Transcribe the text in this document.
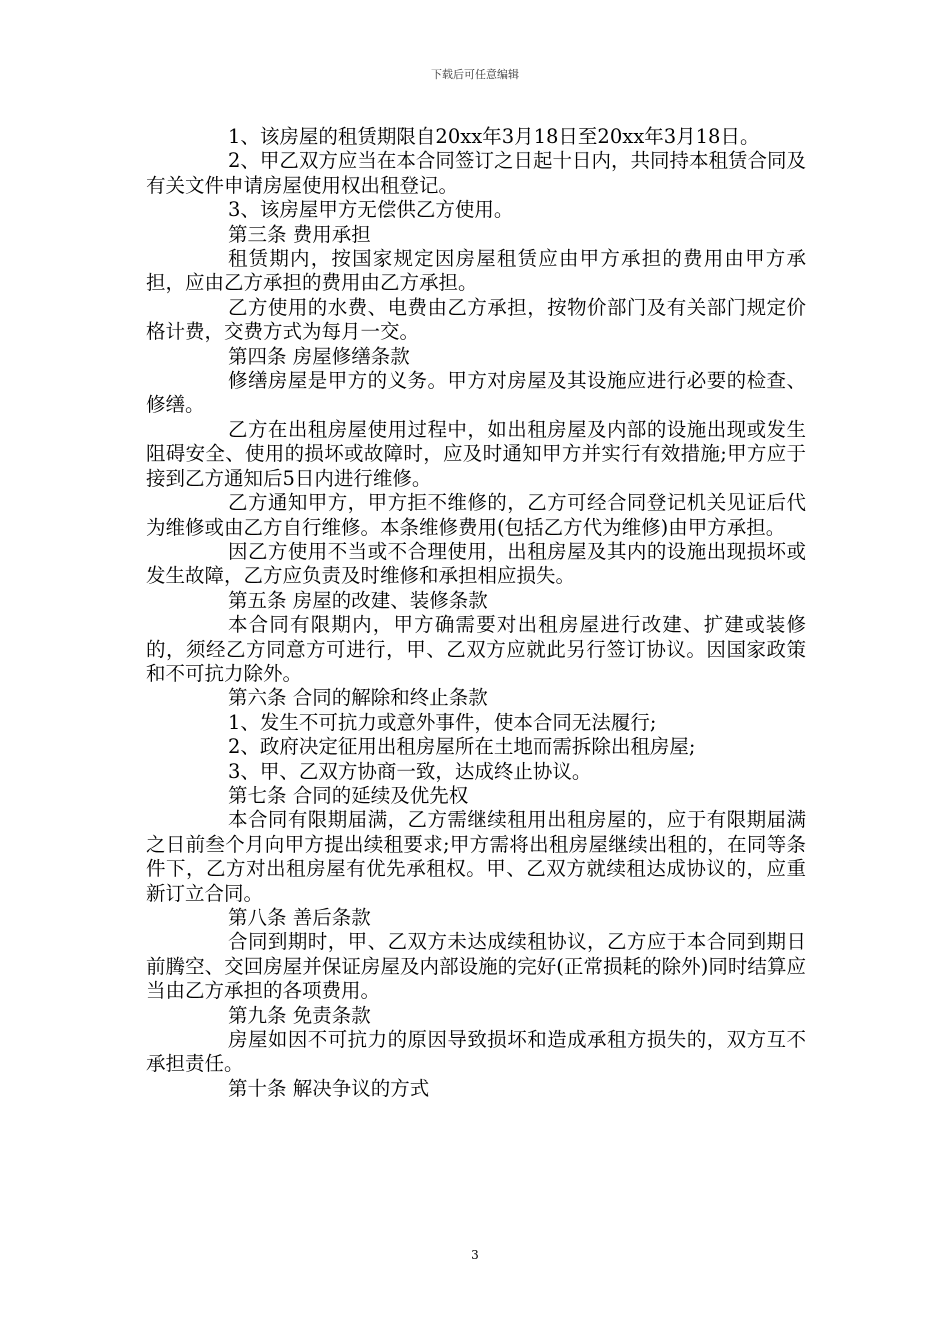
下载后可任意编辑

1、该房屋的租赁期限自20xx年3月18日至20xx年3月18日。

2、甲乙双方应当在本合同签订之日起十日内，共同持本租赁合同及有关文件申请房屋使用权出租登记。

3、该房屋甲方无偿供乙方使用。

第三条 费用承担

租赁期内，按国家规定因房屋租赁应由甲方承担的费用由甲方承担，应由乙方承担的费用由乙方承担。

乙方使用的水费、电费由乙方承担，按物价部门及有关部门规定价格计费，交费方式为每月一交。

第四条 房屋修缮条款

修缮房屋是甲方的义务。甲方对房屋及其设施应进行必要的检查、修缮。

乙方在出租房屋使用过程中，如出租房屋及内部的设施出现或发生阻碍安全、使用的损坏或故障时，应及时通知甲方并实行有效措施;甲方应于接到乙方通知后5日内进行维修。

乙方通知甲方，甲方拒不维修的，乙方可经合同登记机关见证后代为维修或由乙方自行维修。本条维修费用(包括乙方代为维修)由甲方承担。

因乙方使用不当或不合理使用，出租房屋及其内的设施出现损坏或发生故障，乙方应负责及时维修和承担相应损失。

第五条 房屋的改建、装修条款

本合同有限期内，甲方确需要对出租房屋进行改建、扩建或装修的，须经乙方同意方可进行，甲、乙双方应就此另行签订协议。因国家政策和不可抗力除外。

第六条 合同的解除和终止条款

1、发生不可抗力或意外事件，使本合同无法履行;

2、政府决定征用出租房屋所在土地而需拆除出租房屋;

3、甲、乙双方协商一致，达成终止协议。

第七条 合同的延续及优先权

本合同有限期届满，乙方需继续租用出租房屋的，应于有限期届满之日前叁个月向甲方提出续租要求;甲方需将出租房屋继续出租的，在同等条件下，乙方对出租房屋有优先承租权。甲、乙双方就续租达成协议的，应重新订立合同。

第八条 善后条款

合同到期时，甲、乙双方未达成续租协议，乙方应于本合同到期日前腾空、交回房屋并保证房屋及内部设施的完好(正常损耗的除外)同时结算应当由乙方承担的各项费用。

第九条 免责条款

房屋如因不可抗力的原因导致损坏和造成承租方损失的，双方互不承担责任。

第十条 解决争议的方式

3
